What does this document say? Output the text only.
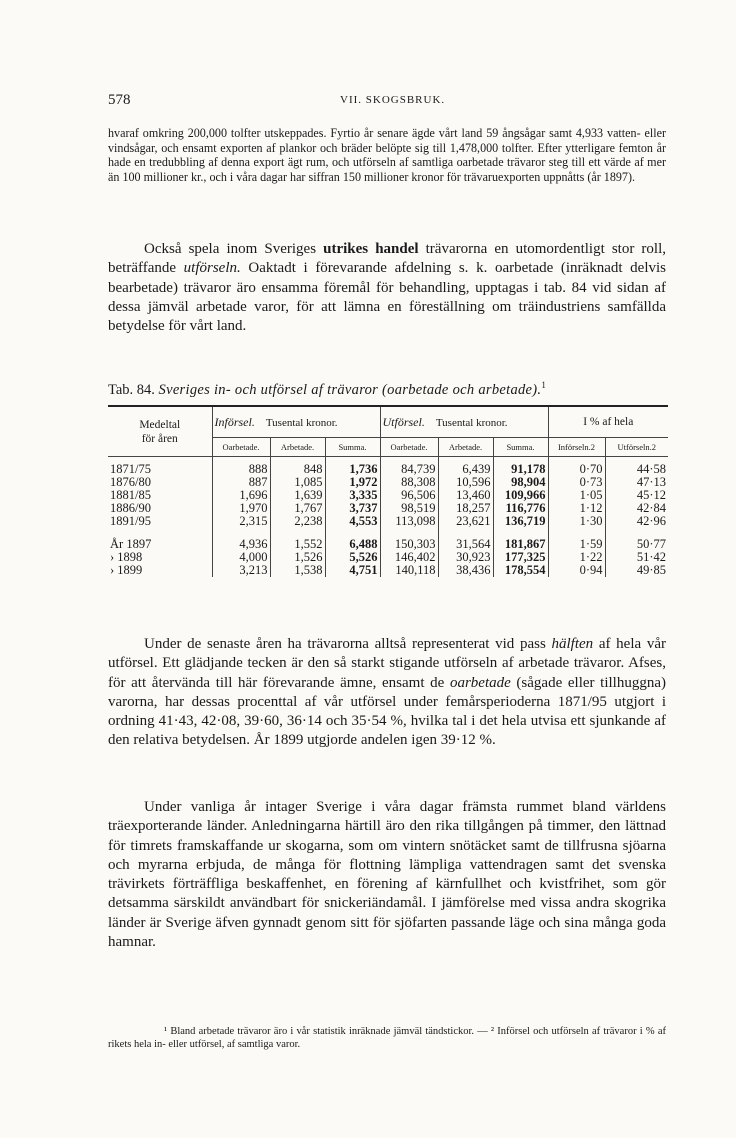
578	VII. SKOGSBRUK.

hvaraf omkring 200,000 tolfter utskeppades. Fyrtio år senare ägde vårt land 59 ångsågar samt 4,933 vatten- eller vindsågar, och ensamt exporten af plankor och bräder belöpte sig till 1,478,000 tolfter. Efter ytterligare femton år hade en tredubbling af denna export ägt rum, och utförseln af samtliga oarbetade trävaror steg till ett värde af mer än 100 millioner kr., och i våra dagar har siffran 150 millioner kronor för trävaruexporten uppnåtts (år 1897).

Också spela inom Sveriges utrikes handel trävarorna en utomordentligt stor roll, beträffande utförseln. Oaktadt i förevarande afdelning s. k. oarbetade (inräknadt delvis bearbetade) trävaror äro ensamma föremål för behandling, upptagas i tab. 84 vid sidan af dessa jämväl arbetade varor, för att lämna en föreställning om träindustriens samfällda betydelse för vårt land.

Tab. 84. Sveriges in- och utförsel af trävaror (oarbetade och arbetade).$^1$
Medeltal
för åren	Införsel. Tusental kronor.			Utförsel. Tusental kronor.			I % af hela	
	Oarbetade.	Arbetade.	Summa.	Oarbetade.	Arbetade.	Summa.	Införseln.2	Utförseln.2
1871/75	888	848	1,736	84,739	6,439	91,178	0·70	44·58
1876/80	887	1,085	1,972	88,308	10,596	98,904	0·73	47·13
1881/85	1,696	1,639	3,335	96,506	13,460	109,966	1·05	45·12
1886/90	1,970	1,767	3,737	98,519	18,257	116,776	1·12	42·84
1891/95	2,315	2,238	4,553	113,098	23,621	136,719	1·30	42·96

År 1897	4,936	1,552	6,488	150,303	31,564	181,867	1·59	50·77
› 1898	4,000	1,526	5,526	146,402	30,923	177,325	1·22	51·42
› 1899	3,213	1,538	4,751	140,118	38,436	178,554	0·94	49·85

Under de senaste åren ha trävarorna alltså representerat vid pass hälften af hela vår utförsel. Ett glädjande tecken är den så starkt stigande utförseln af arbetade trävaror. Afses, för att återvända till här förevarande ämne, ensamt de oarbetade (sågade eller tillhuggna) varorna, har dessas procenttal af vår utförsel under femårsperioderna 1871/95 utgjort i ordning 41·43, 42·08, 39·60, 36·14 och 35·54 %, hvilka tal i det hela utvisa ett sjunkande af den relativa betydelsen. År 1899 utgjorde andelen igen 39·12 %.

Under vanliga år intager Sverige i våra dagar främsta rummet bland världens träexporterande länder. Anledningarna härtill äro den rika tillgången på timmer, den lättnad för timrets framskaffande ur skogarna, som om vintern snötäcket samt de tillfrusna sjöarna och myrarna erbjuda, de många för flottning lämpliga vattendragen samt det svenska trävirkets förträffliga beskaffenhet, en förening af kärnfullhet och kvistfrihet, som gör detsamma särskildt användbart för snickeriändamål. I jämförelse med vissa andra skogrika länder är Sverige äfven gynnadt genom sitt för sjöfarten passande läge och sina många goda hamnar.

¹ Bland arbetade trävaror äro i vår statistik inräknade jämväl tändstickor. — ² Införsel och utförseln af trävaror i % af rikets hela in- eller utförsel, af samtliga varor.
